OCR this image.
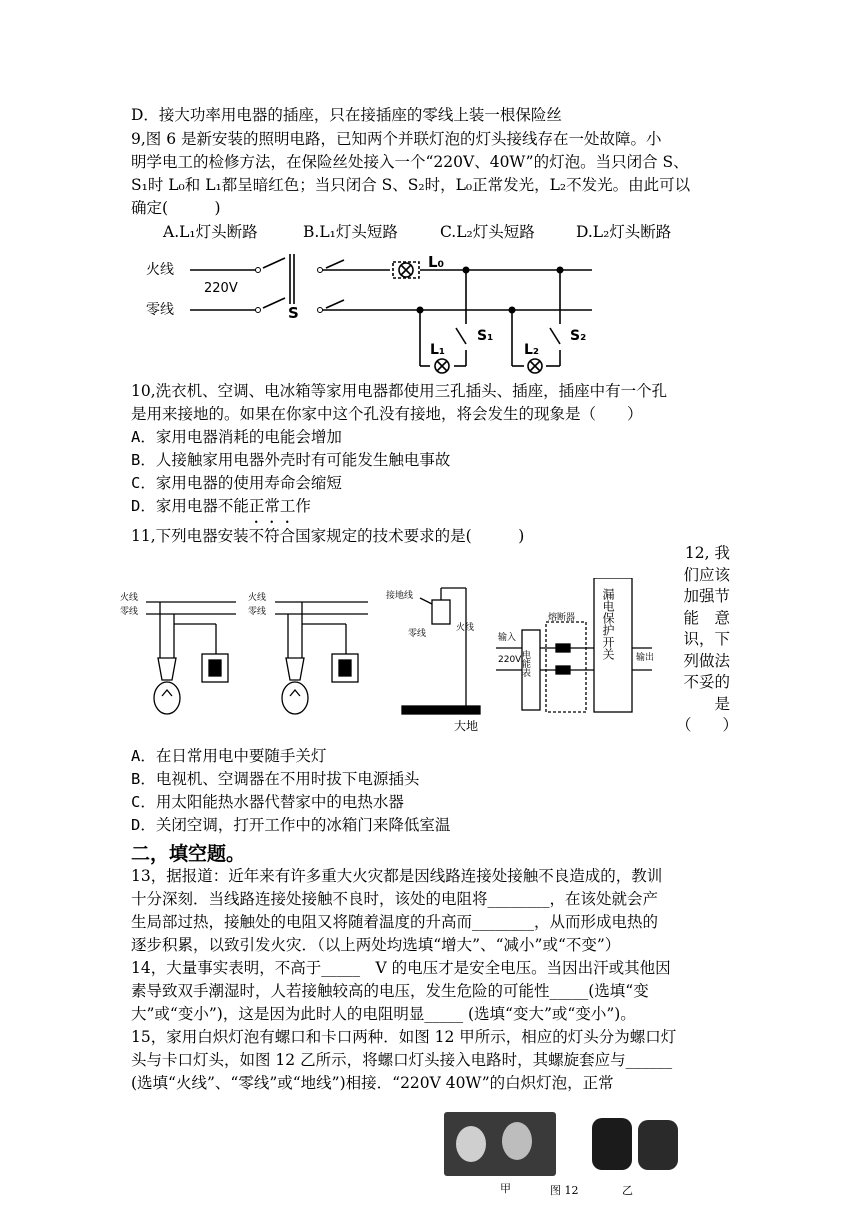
D．接大功率用电器的插座，只在接插座的零线上装一根保险丝
9,图 6 是新安装的照明电路，已知两个并联灯泡的灯头接线存在一处故障。小
明学电工的检修方法，在保险丝处接入一个“220V、40W”的灯泡。当只闭合 S、
S₁时 L₀和 L₁都呈暗红色；当只闭合 S、S₂时，L₀正常发光，L₂不发光。由此可以
确定(　　　)
A.L₁灯头断路	B.L₁灯头短路	C.L₂灯头短路	D.L₂灯头断路
火线
零线
220V
S
L₀
L₁	L₂
S₁	S₂
10,洗衣机、空调、电冰箱等家用电器都使用三孔插头、插座，插座中有一个孔
是用来接地的。如果在你家中这个孔没有接地，将会发生的现象是（　　）
A．家用电器消耗的电能会增加
B．人接触家用电器外壳时有可能发生触电事故
C．家用电器的使用寿命会缩短
D．家用电器不能正常工作
11,下列电器安装不符合国家规定的技术要求的是(　　　)
火线
零线
火线
零线
接地线
零线
火线
大地
输入
220V
电能表
熔断器 漏电保护开关 输出
12, 我
们应该
加强节
能　意
识，下
列做法
不妥的
是
（　　）
A．在日常用电中要随手关灯
B．电视机、空调器在不用时拔下电源插头
C．用太阳能热水器代替家中的电热水器
D．关闭空调，打开工作中的冰箱门来降低室温
二，填空题。
13，据报道：近年来有许多重大火灾都是因线路连接处接触不良造成的，教训
十分深刻．当线路连接处接触不良时，该处的电阻将________，在该处就会产
生局部过热，接触处的电阻又将随着温度的升高而________，从而形成电热的
逐步积累，以致引发火灾．（以上两处均选填“增大”、“减小”或“不变”）
14，大量事实表明，不高于_____　V 的电压才是安全电压。当因出汗或其他因
素导致双手潮湿时，人若接触较高的电压，发生危险的可能性_____(选填“变
大”或“变小”)，这是因为此时人的电阻明显_____ (选填“变大”或“变小”)。
15，家用白炽灯泡有螺口和卡口两种．如图 12 甲所示，相应的灯头分为螺口灯
头与卡口灯头，如图 12 乙所示，将螺口灯头接入电路时，其螺旋套应与______
(选填“火线”、“零线”或“地线”)相接．“220V 40W”的白炽灯泡，正常
甲	图 12	乙
